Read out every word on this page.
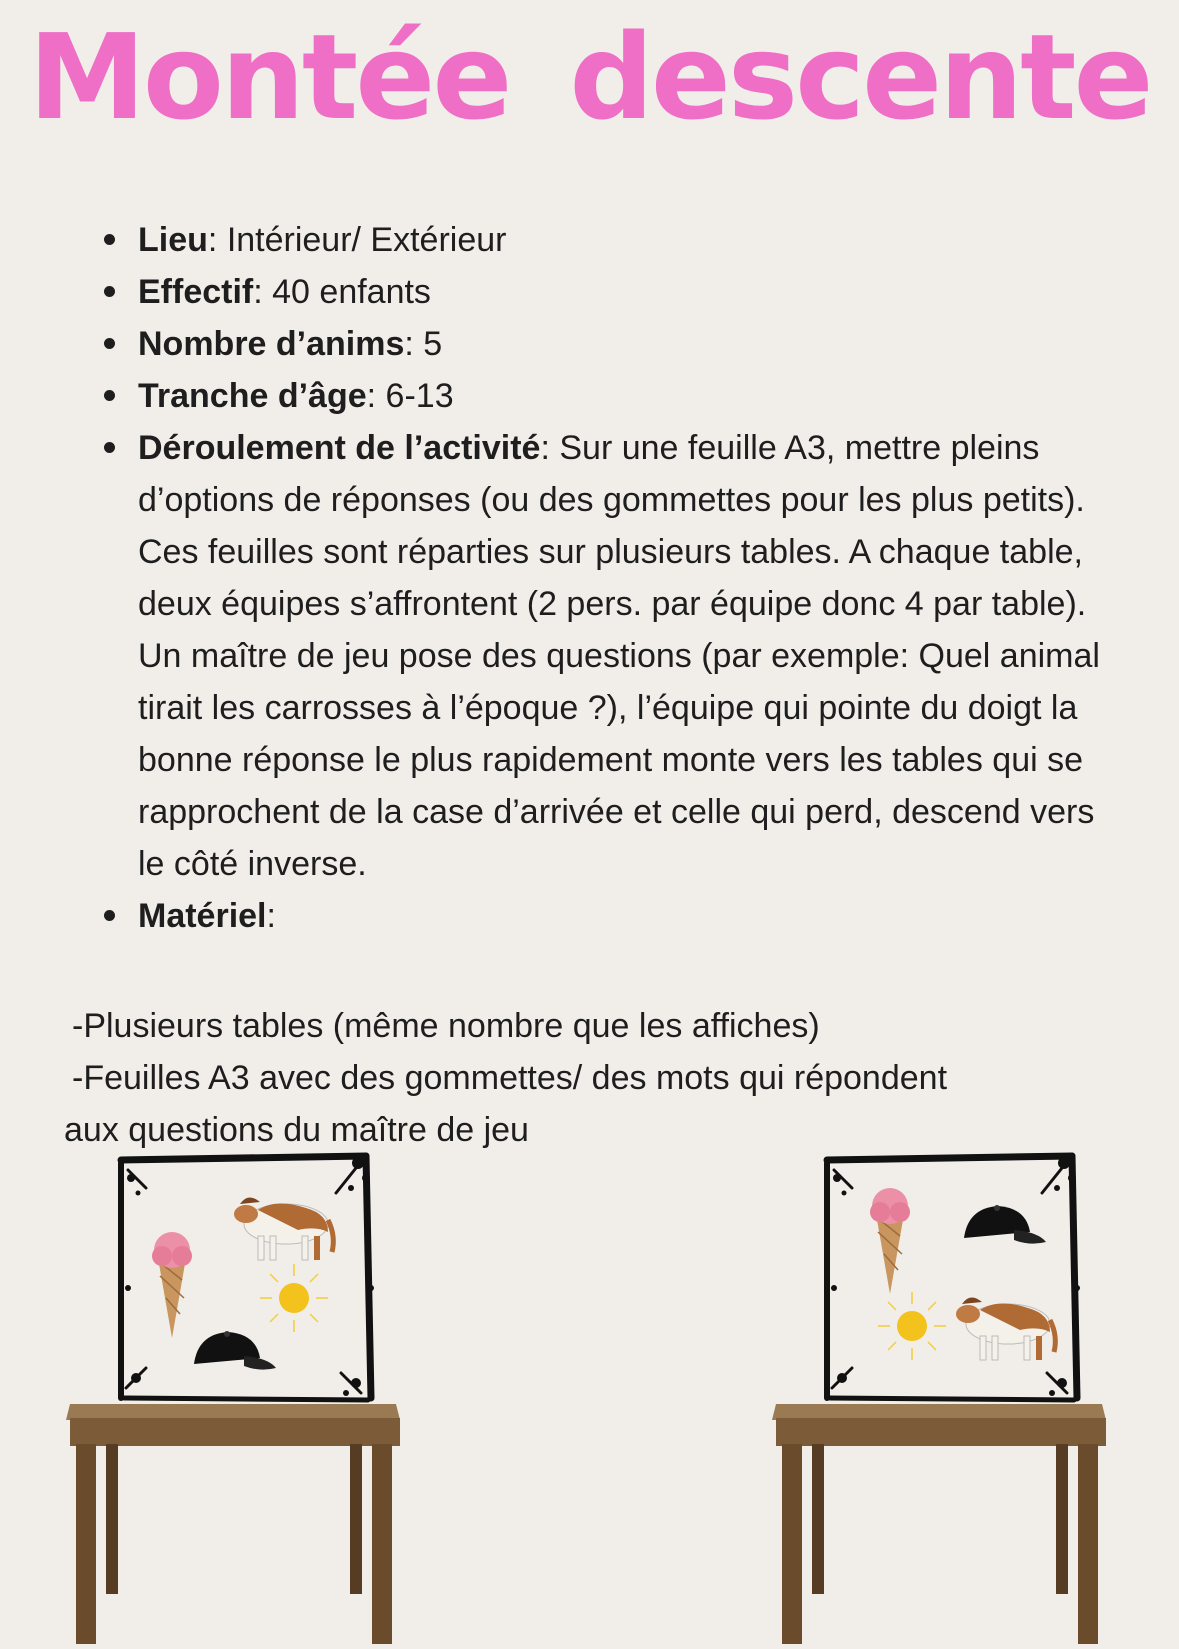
Montée descente
Lieu: Intérieur/ Extérieur
Effectif: 40 enfants
Nombre d’anims: 5
Tranche d’âge: 6-13
Déroulement de l’activité: Sur une feuille A3, mettre pleins d’options de réponses (ou des gommettes pour les plus petits). Ces feuilles sont réparties sur plusieurs tables. A chaque table, deux équipes s’affrontent (2 pers. par équipe donc 4 par table). Un maître de jeu pose des questions (par exemple: Quel animal tirait les carrosses à l’époque ?), l’équipe qui pointe du doigt la bonne réponse le plus rapidement monte vers les tables qui se rapprochent de la case d’arrivée et celle qui perd, descend vers le côté inverse.
Matériel:
-Plusieurs tables (même nombre que les affiches)
-Feuilles A3 avec des gommettes/ des mots qui répondent
aux questions du maître de jeu
